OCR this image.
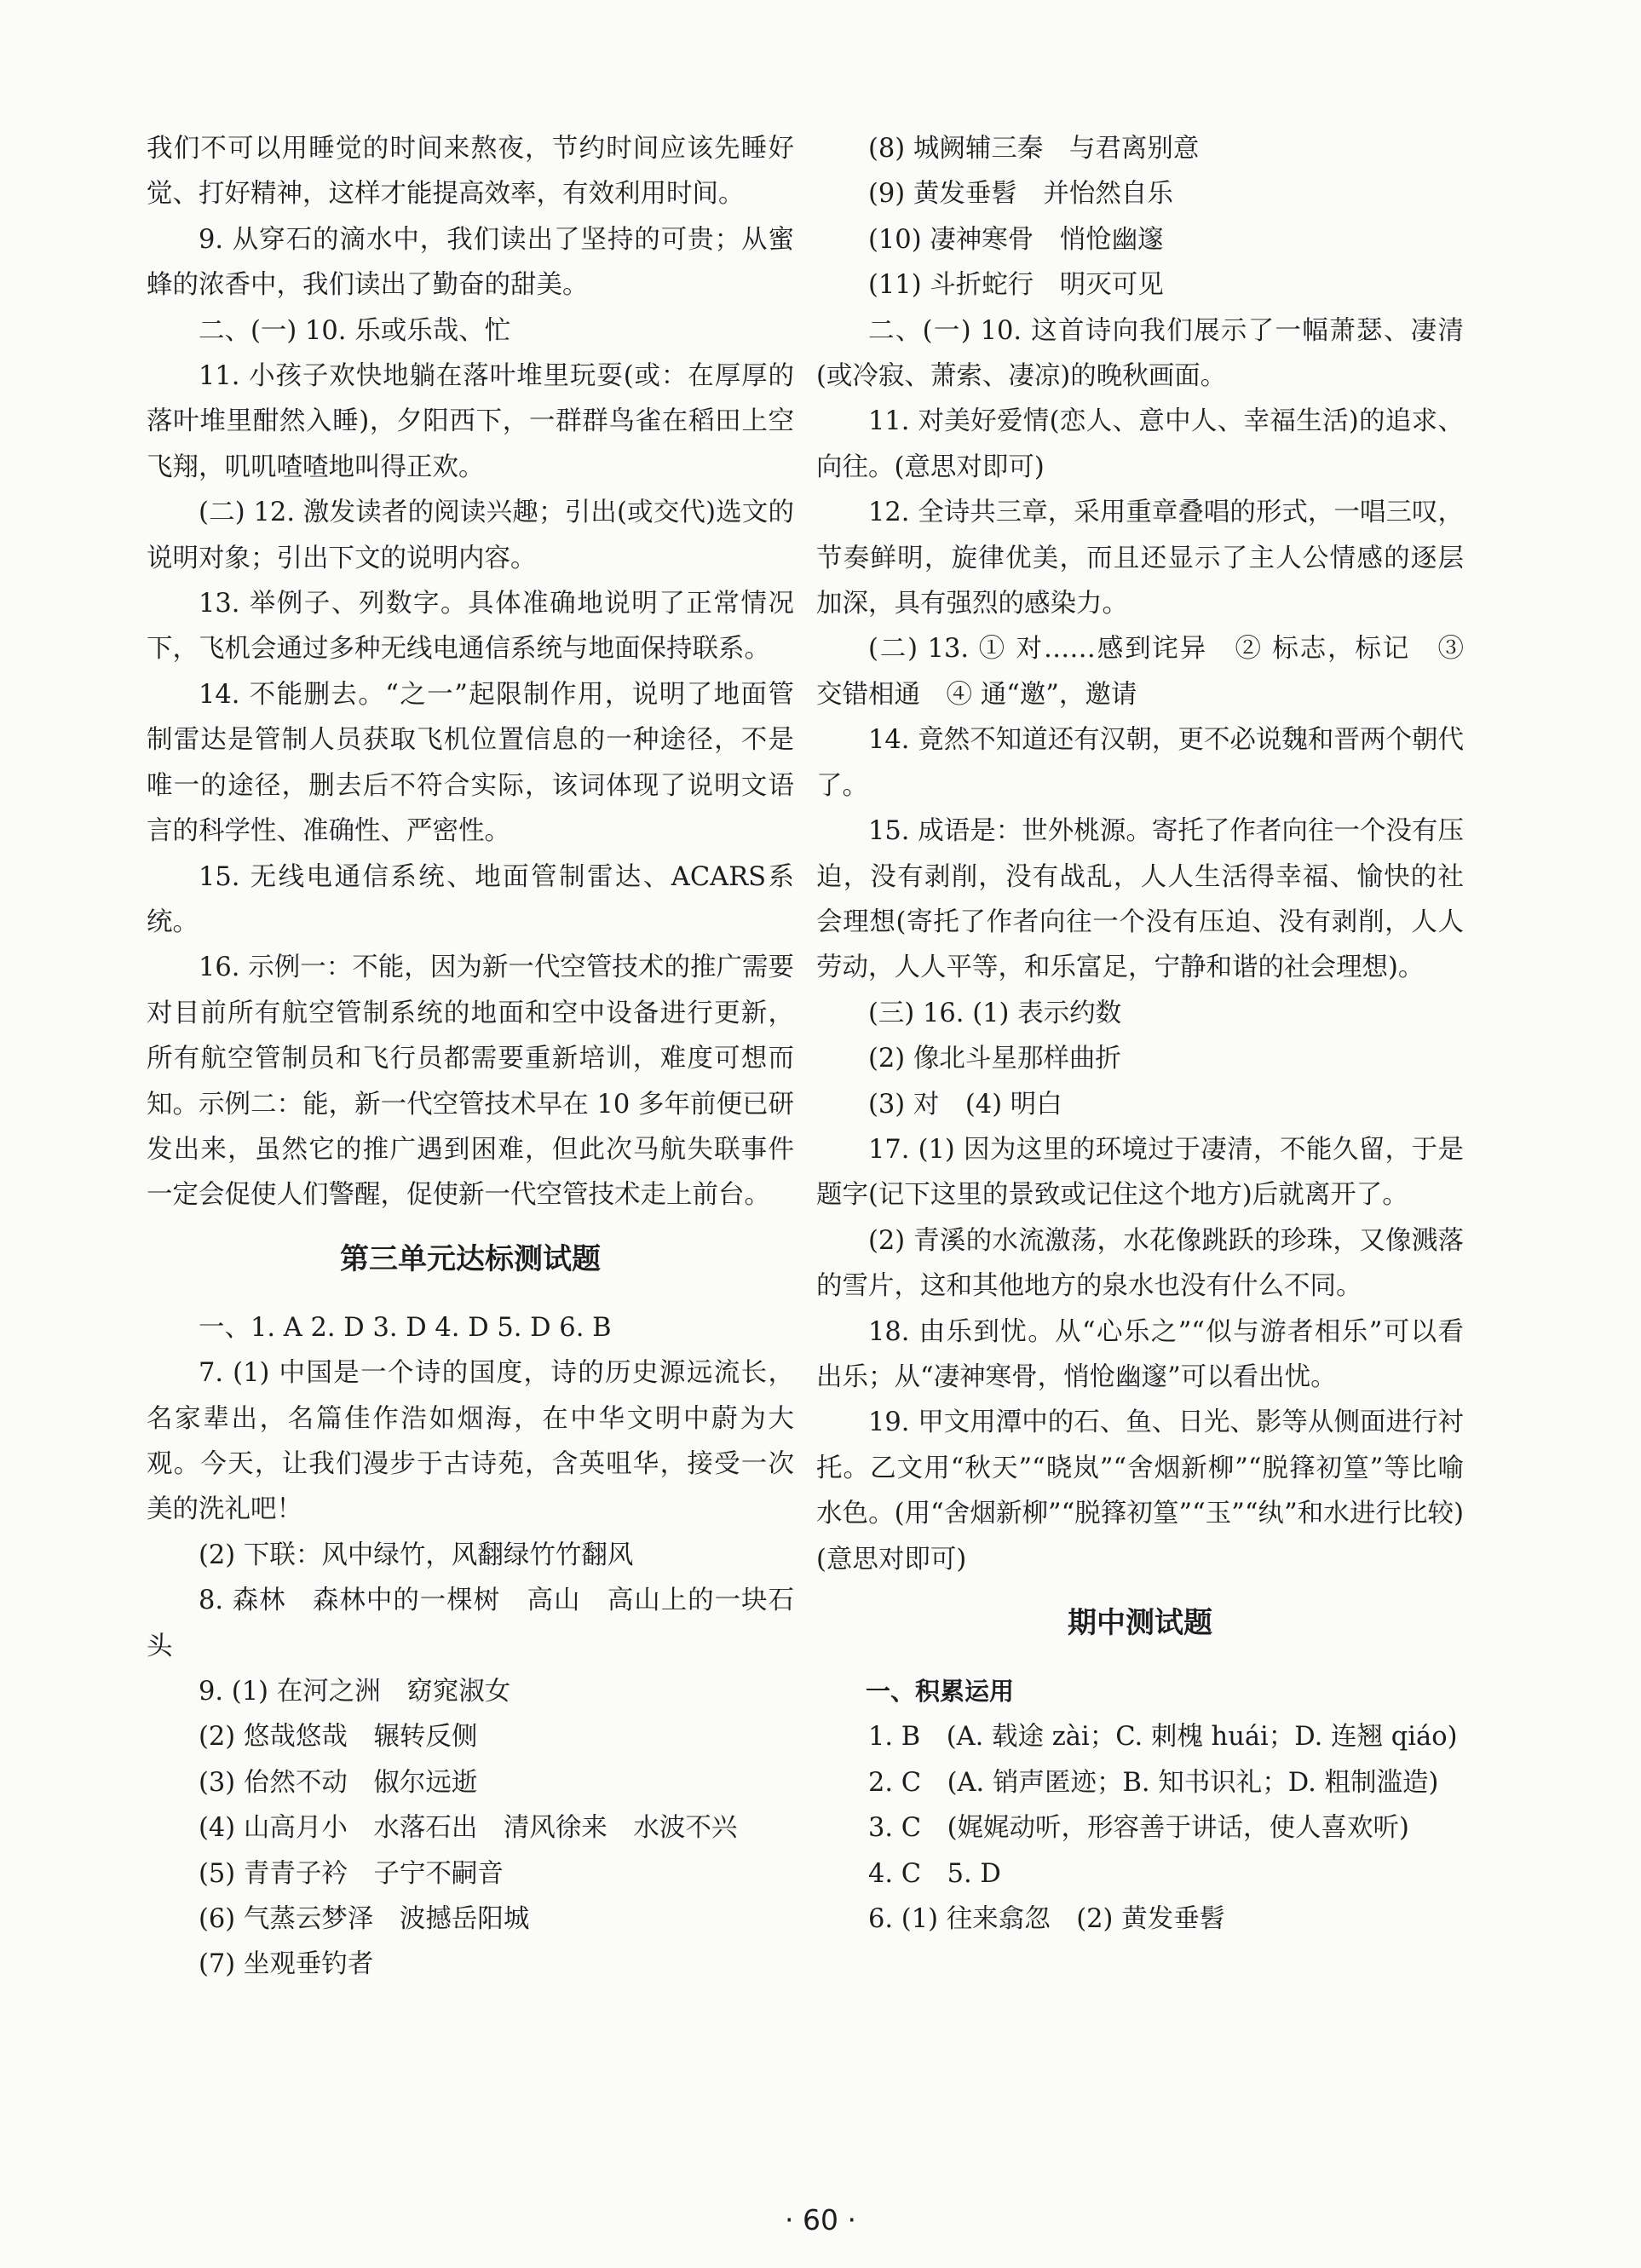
我们不可以用睡觉的时间来熬夜，节约时间应该先睡好觉、打好精神，这样才能提高效率，有效利用时间。
9. 从穿石的滴水中，我们读出了坚持的可贵；从蜜蜂的浓香中，我们读出了勤奋的甜美。
二、(一) 10. 乐或乐哉、忙
11. 小孩子欢快地躺在落叶堆里玩耍(或：在厚厚的落叶堆里酣然入睡)，夕阳西下，一群群鸟雀在稻田上空飞翔，叽叽喳喳地叫得正欢。
(二) 12. 激发读者的阅读兴趣；引出(或交代)选文的说明对象；引出下文的说明内容。
13. 举例子、列数字。具体准确地说明了正常情况下，飞机会通过多种无线电通信系统与地面保持联系。
14. 不能删去。“之一”起限制作用，说明了地面管制雷达是管制人员获取飞机位置信息的一种途径，不是唯一的途径，删去后不符合实际，该词体现了说明文语言的科学性、准确性、严密性。
15. 无线电通信系统、地面管制雷达、ACARS系统。
16. 示例一：不能，因为新一代空管技术的推广需要对目前所有航空管制系统的地面和空中设备进行更新，所有航空管制员和飞行员都需要重新培训，难度可想而知。示例二：能，新一代空管技术早在 10 多年前便已研发出来，虽然它的推广遇到困难，但此次马航失联事件一定会促使人们警醒，促使新一代空管技术走上前台。
第三单元达标测试题
一、1. A 2. D 3. D 4. D 5. D 6. B
7. (1) 中国是一个诗的国度，诗的历史源远流长，名家辈出，名篇佳作浩如烟海，在中华文明中蔚为大观。今天，让我们漫步于古诗苑，含英咀华，接受一次美的洗礼吧！
(2) 下联：风中绿竹，风翻绿竹竹翻风
8. 森林　森林中的一棵树　高山　高山上的一块石头
9. (1) 在河之洲　窈窕淑女
(2) 悠哉悠哉　辗转反侧
(3) 佁然不动　俶尔远逝
(4) 山高月小　水落石出　清风徐来　水波不兴
(5) 青青子衿　子宁不嗣音
(6) 气蒸云梦泽　波撼岳阳城
(7) 坐观垂钓者
(8) 城阙辅三秦　与君离别意
(9) 黄发垂髫　并怡然自乐
(10) 凄神寒骨　悄怆幽邃
(11) 斗折蛇行　明灭可见
二、(一) 10. 这首诗向我们展示了一幅萧瑟、凄清(或冷寂、萧索、凄凉)的晚秋画面。
11. 对美好爱情(恋人、意中人、幸福生活)的追求、向往。(意思对即可)
12. 全诗共三章，采用重章叠唱的形式，一唱三叹，节奏鲜明，旋律优美，而且还显示了主人公情感的逐层加深，具有强烈的感染力。
(二) 13. ① 对……感到诧异　② 标志，标记　③ 交错相通　④ 通“邀”，邀请
14. 竟然不知道还有汉朝，更不必说魏和晋两个朝代了。
15. 成语是：世外桃源。寄托了作者向往一个没有压迫，没有剥削，没有战乱，人人生活得幸福、愉快的社会理想(寄托了作者向往一个没有压迫、没有剥削，人人劳动，人人平等，和乐富足，宁静和谐的社会理想)。
(三) 16. (1) 表示约数
(2) 像北斗星那样曲折
(3) 对　(4) 明白
17. (1) 因为这里的环境过于凄清，不能久留，于是题字(记下这里的景致或记住这个地方)后就离开了。
(2) 青溪的水流激荡，水花像跳跃的珍珠，又像溅落的雪片，这和其他地方的泉水也没有什么不同。
18. 由乐到忧。从“心乐之”“似与游者相乐”可以看出乐；从“凄神寒骨，悄怆幽邃”可以看出忧。
19. 甲文用潭中的石、鱼、日光、影等从侧面进行衬托。乙文用“秋天”“晓岚”“舍烟新柳”“脱箨初篁”等比喻水色。(用“舍烟新柳”“脱箨初篁”“玉”“纨”和水进行比较)(意思对即可)
期中测试题
一、积累运用
1. B　(A. 载途 zài；C. 刺槐 huái；D. 连翘 qiáo)
2. C　(A. 销声匿迹；B. 知书识礼；D. 粗制滥造)
3. C　(娓娓动听，形容善于讲话，使人喜欢听)
4. C　5. D
6. (1) 往来翕忽　(2) 黄发垂髫
· 60 ·
